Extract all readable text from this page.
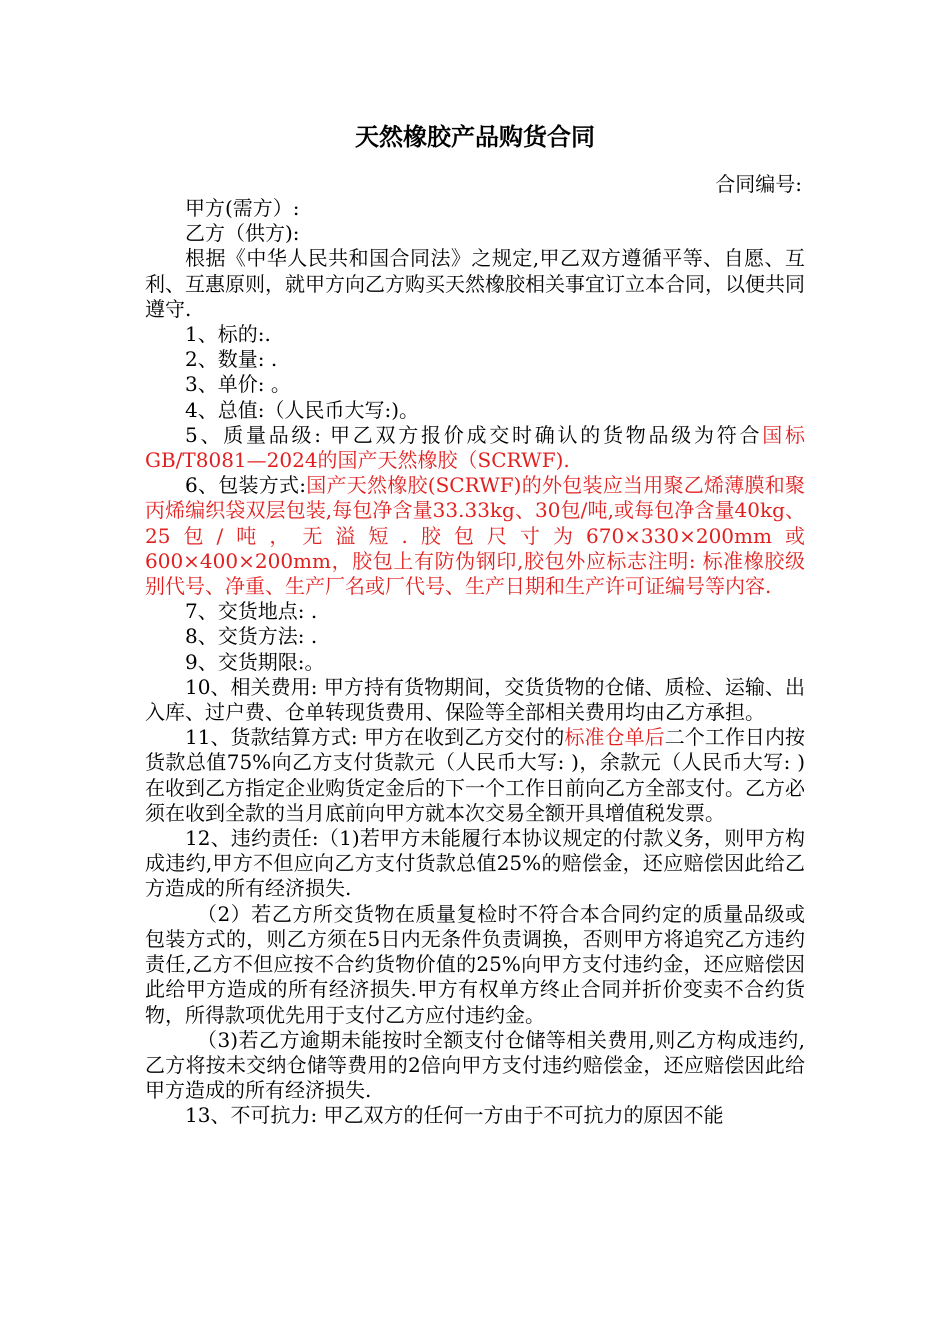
天然橡胶产品购货合同
合同编号:

甲方(需方）:

乙方（供方):

根据《中华人民共和国合同法》之规定,甲乙双方遵循平等、自愿、互利、互惠原则，就甲方向乙方购买天然橡胶相关事宜订立本合同，以便共同遵守.

1、标的:.

2、数量: .

3、单价: 。

4、总值:（人民币大写:)。

5、质量品级: 甲乙双方报价成交时确认的货物品级为符合国标GB/T8081—2024的国产天然橡胶（SCRWF).

6、包装方式:国产天然橡胶(SCRWF)的外包装应当用聚乙烯薄膜和聚丙烯编织袋双层包装,每包净含量33.33kg、30包/吨,或每包净含量40kg、25包/吨，无溢短.胶包尺寸为670×330×200mm或600×400×200mm，胶包上有防伪钢印,胶包外应标志注明: 标准橡胶级别代号、净重、生产厂名或厂代号、生产日期和生产许可证编号等内容.

7、交货地点: .

8、交货方法: .

9、交货期限:。

10、相关费用: 甲方持有货物期间，交货货物的仓储、质检、运输、出入库、过户费、仓单转现货费用、保险等全部相关费用均由乙方承担。

11、货款结算方式: 甲方在收到乙方交付的标准仓单后二个工作日内按货款总值75%向乙方支付货款元（人民币大写: )，余款元（人民币大写: )在收到乙方指定企业购货定金后的下一个工作日前向乙方全部支付。乙方必须在收到全款的当月底前向甲方就本次交易全额开具增值税发票。

12、违约责任:（1)若甲方未能履行本协议规定的付款义务，则甲方构成违约,甲方不但应向乙方支付货款总值25%的赔偿金，还应赔偿因此给乙方造成的所有经济损失.

（2）若乙方所交货物在质量复检时不符合本合同约定的质量品级或包装方式的，则乙方须在5日内无条件负责调换，否则甲方将追究乙方违约责任,乙方不但应按不合约货物价值的25%向甲方支付违约金，还应赔偿因此给甲方造成的所有经济损失.甲方有权单方终止合同并折价变卖不合约货物，所得款项优先用于支付乙方应付违约金。

（3)若乙方逾期未能按时全额支付仓储等相关费用,则乙方构成违约,乙方将按未交纳仓储等费用的2倍向甲方支付违约赔偿金，还应赔偿因此给甲方造成的所有经济损失.

13、不可抗力: 甲乙双方的任何一方由于不可抗力的原因不能
